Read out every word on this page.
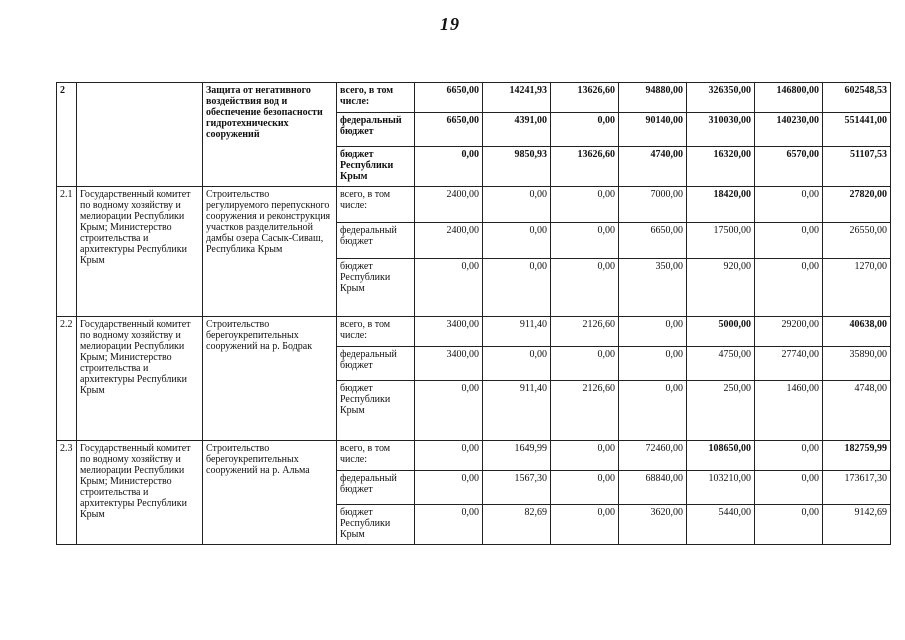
19
2		Защита от негативного воздействия вод и обеспечение безопасности гидротехнических сооружений	всего, в том числе:	6650,00	14241,93	13626,60	94880,00	326350,00	146800,00	602548,53
			федеральный бюджет	6650,00	4391,00	0,00	90140,00	310030,00	140230,00	551441,00
			бюджет Республики Крым	0,00	9850,93	13626,60	4740,00	16320,00	6570,00	51107,53
2.1	Государственный комитет по водному хозяйству и мелиорации Республики Крым; Министерство строительства и архитектуры Республики Крым	Строительство регулируемого перепускного сооружения и реконструкция участков разделительной дамбы озера Сасык-Сиваш, Республика Крым	всего, в том числе:	2400,00	0,00	0,00	7000,00	18420,00	0,00	27820,00
			федеральный бюджет	2400,00	0,00	0,00	6650,00	17500,00	0,00	26550,00
			бюджет Республики Крым	0,00	0,00	0,00	350,00	920,00	0,00	1270,00
2.2	Государственный комитет по водному хозяйству и мелиорации Республики Крым; Министерство строительства и архитектуры Республики Крым	Строительство берегоукрепительных сооружений на р. Бодрак	всего, в том числе:	3400,00	911,40	2126,60	0,00	5000,00	29200,00	40638,00
			федеральный бюджет	3400,00	0,00	0,00	0,00	4750,00	27740,00	35890,00
			бюджет Республики Крым	0,00	911,40	2126,60	0,00	250,00	1460,00	4748,00
2.3	Государственный комитет по водному хозяйству и мелиорации Республики Крым; Министерство строительства и архитектуры Республики Крым	Строительство берегоукрепительных сооружений на р. Альма	всего, в том числе:	0,00	1649,99	0,00	72460,00	108650,00	0,00	182759,99
			федеральный бюджет	0,00	1567,30	0,00	68840,00	103210,00	0,00	173617,30
			бюджет Республики Крым	0,00	82,69	0,00	3620,00	5440,00	0,00	9142,69
